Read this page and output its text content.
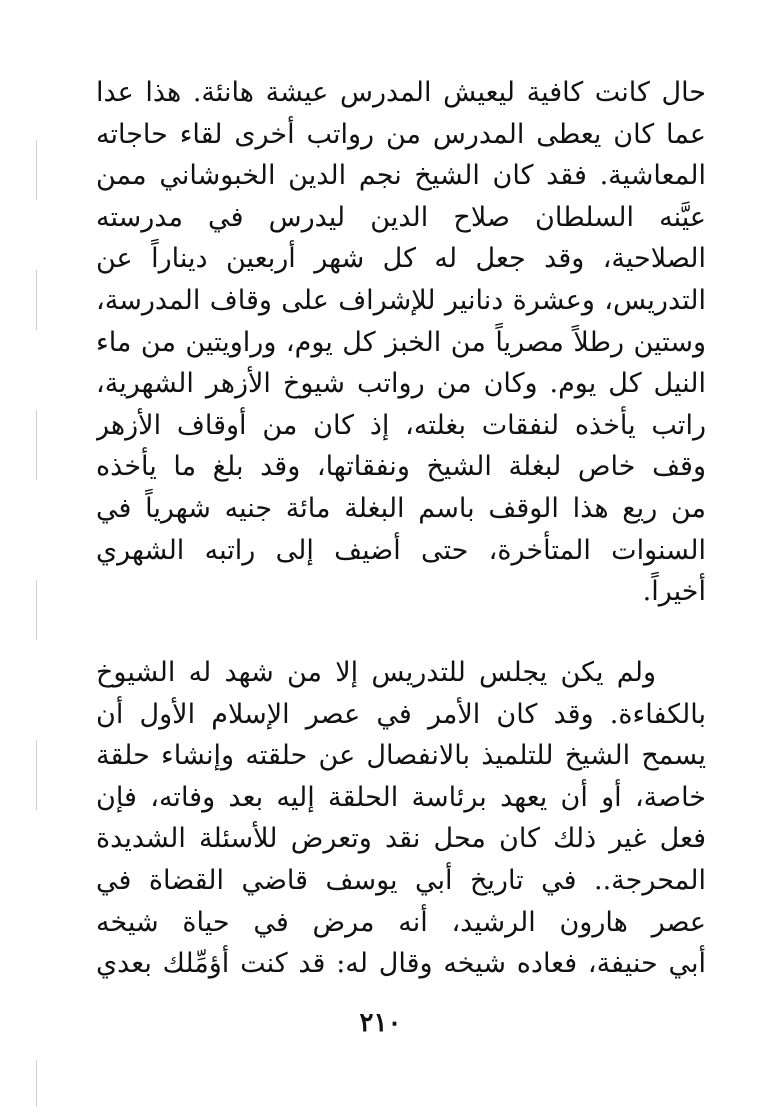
حال كانت كافية ليعيش المدرس عيشة هانئة. هذا عدا
عما كان يعطى المدرس من رواتب أخرى لقاء حاجاته
المعاشية. فقد كان الشيخ نجم الدين الخبوشاني ممن
عيَّنه السلطان صلاح الدين ليدرس في مدرسته
الصلاحية، وقد جعل له كل شهر أربعين ديناراً عن
التدريس، وعشرة دنانير للإشراف على وقاف المدرسة،
وستين رطلاً مصرياً من الخبز كل يوم، وراويتين من ماء
النيل كل يوم. وكان من رواتب شيوخ الأزهر الشهرية،
راتب يأخذه لنفقات بغلته، إذ كان من أوقاف الأزهر
وقف خاص لبغلة الشيخ ونفقاتها، وقد بلغ ما يأخذه
من ريع هذا الوقف باسم البغلة مائة جنيه شهرياً في
السنوات المتأخرة، حتى أضيف إلى راتبه الشهري
أخيراً.
ولم يكن يجلس للتدريس إلا من شهد له الشيوخ
بالكفاءة. وقد كان الأمر في عصر الإسلام الأول أن
يسمح الشيخ للتلميذ بالانفصال عن حلقته وإنشاء حلقة
خاصة، أو أن يعهد برئاسة الحلقة إليه بعد وفاته، فإن
فعل غير ذلك كان محل نقد وتعرض للأسئلة الشديدة
المحرجة.. في تاريخ أبي يوسف قاضي القضاة في
عصر هارون الرشيد، أنه مرض في حياة شيخه
أبي حنيفة، فعاده شيخه وقال له: قد كنت أؤمِّلك بعدي
٢١٠
